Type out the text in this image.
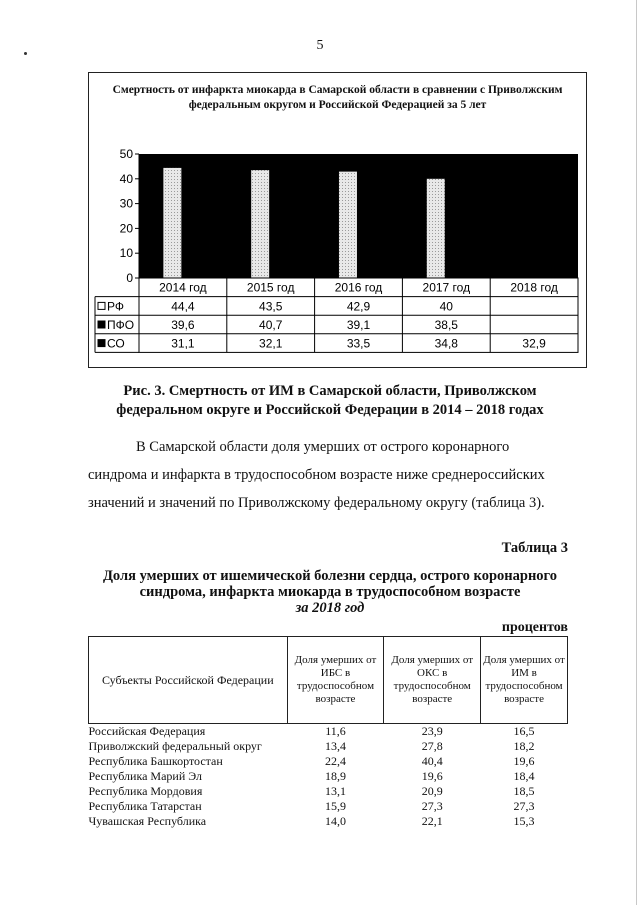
5
Смертность от инфаркта миокарда в Самарской области в сравнении с Приволжским федеральным округом и Российской Федерацией за 5 лет
0
10
20
30
40
50
2014 год	2015 год	2016 год	2017 год	2018 год
РФ	44,4	43,5	42,9	40
ПФО	39,6	40,7	39,1	38,5
СО	31,1	32,1	33,5	34,8	32,9
Рис. 3. Смертность от ИМ в Самарской области, Приволжском
федеральном округе и Российской Федерации в 2014 – 2018 годах
В Самарской области доля умерших от острого коронарного
синдрома и инфаркта в трудоспособном возрасте ниже среднероссийских
значений и значений по Приволжскому федеральному округу (таблица 3).
Таблица 3
Доля умерших от ишемической болезни сердца, острого коронарного
синдрома, инфаркта миокарда в трудоспособном возрасте
за 2018 год
процентов
Субъекты Российской Федерации	Доля умерших от ИБС в трудоспособном возрасте	Доля умерших от ОКС в трудоспособном возрасте	Доля умерших от ИМ в трудоспособном возрасте
Российская Федерация	11,6	23,9	16,5
Приволжский федеральный округ	13,4	27,8	18,2
Республика Башкортостан	22,4	40,4	19,6
Республика Марий Эл	18,9	19,6	18,4
Республика Мордовия	13,1	20,9	18,5
Республика Татарстан	15,9	27,3	27,3
Чувашская Республика	14,0	22,1	15,3
